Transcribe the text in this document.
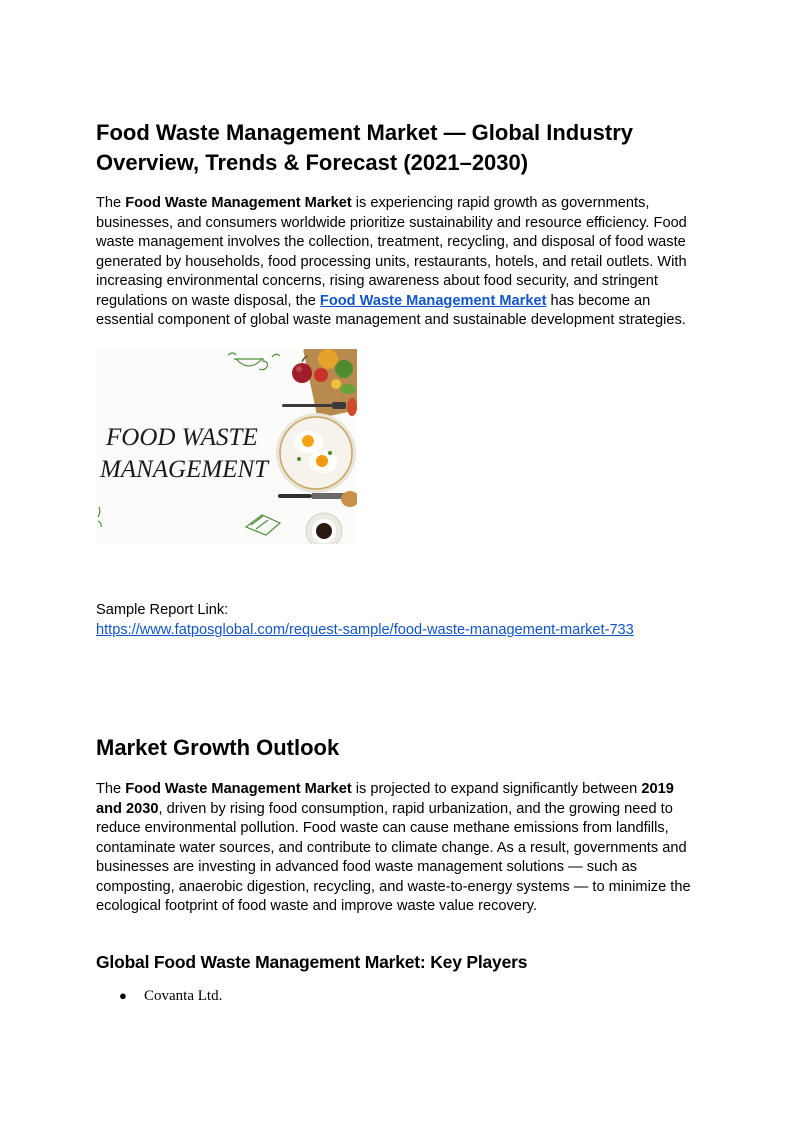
Food Waste Management Market — Global Industry Overview, Trends & Forecast (2021–2030)

The Food Waste Management Market is experiencing rapid growth as governments, businesses, and consumers worldwide prioritize sustainability and resource efficiency. Food waste management involves the collection, treatment, recycling, and disposal of food waste generated by households, food processing units, restaurants, hotels, and retail outlets. With increasing environmental concerns, rising awareness about food security, and stringent regulations on waste disposal, the Food Waste Management Market has become an essential component of global waste management and sustainable development strategies.

FOOD WASTE
MANAGEMENT
Sample Report Link:
https://www.fatposglobal.com/request-sample/food-waste-management-market-733
Market Growth Outlook

The Food Waste Management Market is projected to expand significantly between 2019 and 2030, driven by rising food consumption, rapid urbanization, and the growing need to reduce environmental pollution. Food waste can cause methane emissions from landfills, contaminate water sources, and contribute to climate change. As a result, governments and businesses are investing in advanced food waste management solutions — such as composting, anaerobic digestion, recycling, and waste-to-energy systems — to minimize the ecological footprint of food waste and improve waste value recovery.

Global Food Waste Management Market: Key Players
● Covanta Ltd.
